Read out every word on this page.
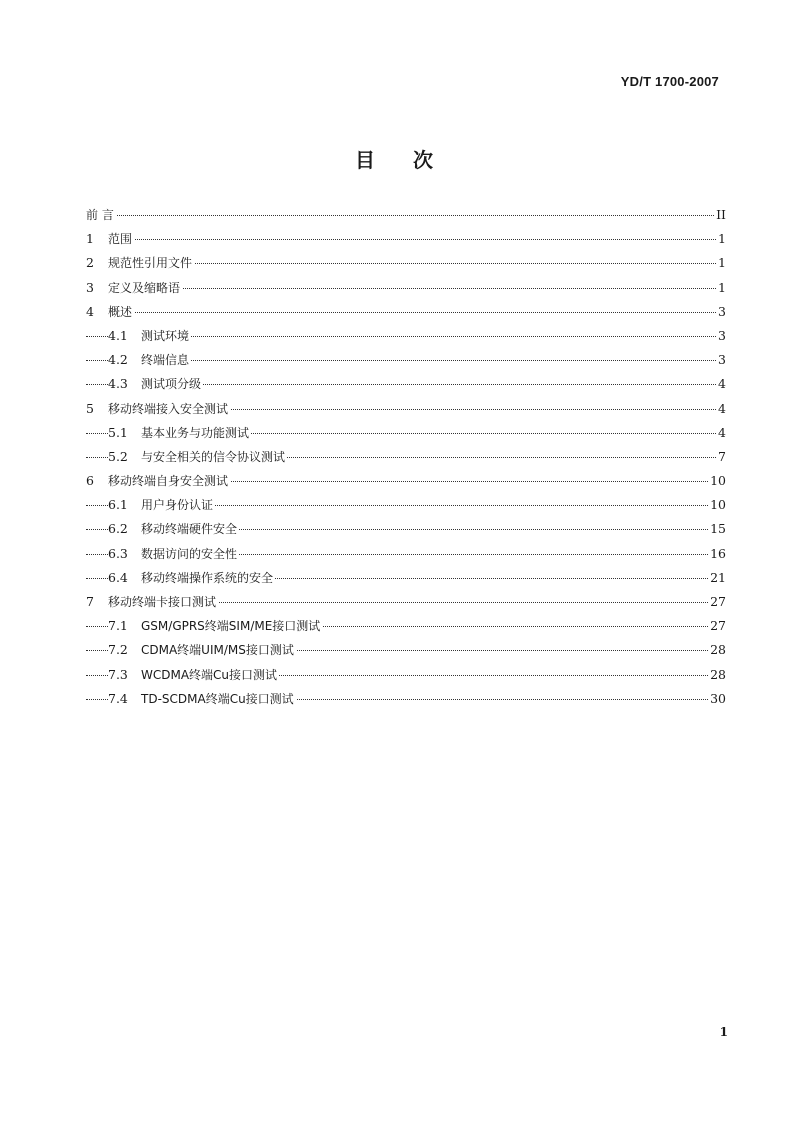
YD/T 1700-2007
目次
前 言	II
1 范围	1
2 规范性引用文件	1
3 定义及缩略语	1
4 概述	3
4.1 测试环境	3
4.2 终端信息	3
4.3 测试项分级	4
5 移动终端接入安全测试	4
5.1 基本业务与功能测试	4
5.2 与安全相关的信令协议测试	7
6 移动终端自身安全测试	10
6.1 用户身份认证	10
6.2 移动终端硬件安全	15
6.3 数据访问的安全性	16
6.4 移动终端操作系统的安全	21
7 移动终端卡接口测试	27
7.1 GSM/GPRS终端SIM/ME接口测试	27
7.2 CDMA终端UIM/MS接口测试	28
7.3 WCDMA终端Cu接口测试	28
7.4 TD-SCDMA终端Cu接口测试	30
1
